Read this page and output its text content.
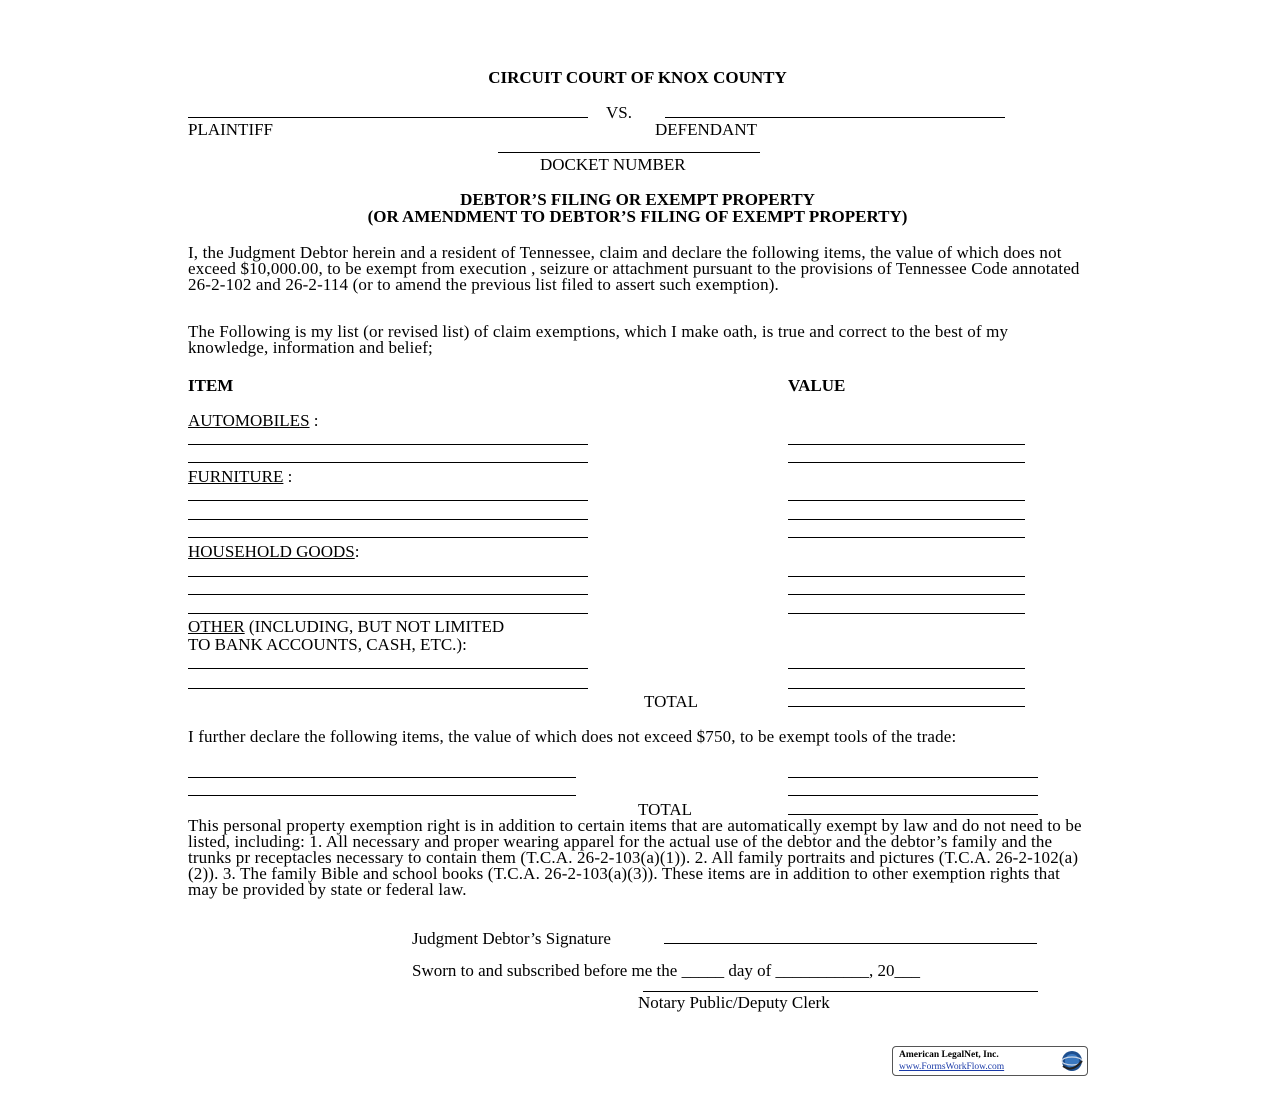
CIRCUIT COURT OF KNOX COUNTY
VS.
PLAINTIFF	DEFENDANT
DOCKET NUMBER
DEBTOR’S FILING OR EXEMPT PROPERTY
(OR AMENDMENT TO DEBTOR’S FILING OF EXEMPT PROPERTY)
I, the Judgment Debtor herein and a resident of Tennessee, claim and declare the following items, the value of which does not exceed $10,000.00, to be exempt from execution , seizure or attachment pursuant to the provisions of Tennessee Code annotated 26-2-102 and 26-2-114 (or to amend the previous list filed to assert such exemption).
The Following is my list (or revised list) of claim exemptions, which I make oath, is true and correct to the best of my knowledge, information and belief;
ITEM	VALUE
AUTOMOBILES :
FURNITURE :
HOUSEHOLD GOODS:
OTHER (INCLUDING, BUT NOT LIMITED
TO BANK ACCOUNTS, CASH, ETC.):
TOTAL
I further declare the following items, the value of which does not exceed $750, to be exempt tools of the trade:
TOTAL
This personal property exemption right is in addition to certain items that are automatically exempt by law and do not need to be listed, including: 1. All necessary and proper wearing apparel for the actual use of the debtor and the debtor’s family and the trunks pr receptacles necessary to contain them (T.C.A. 26-2-103(a)(1)). 2. All family portraits and pictures (T.C.A. 26-2-102(a)(2)). 3. The family Bible and school books (T.C.A. 26-2-103(a)(3)). These items are in addition to other exemption rights that may be provided by state or federal law.
Judgment Debtor’s Signature
Sworn to and subscribed before me the _____ day of ___________, 20___
Notary Public/Deputy Clerk
American LegalNet, Inc.
www.FormsWorkFlow.com
